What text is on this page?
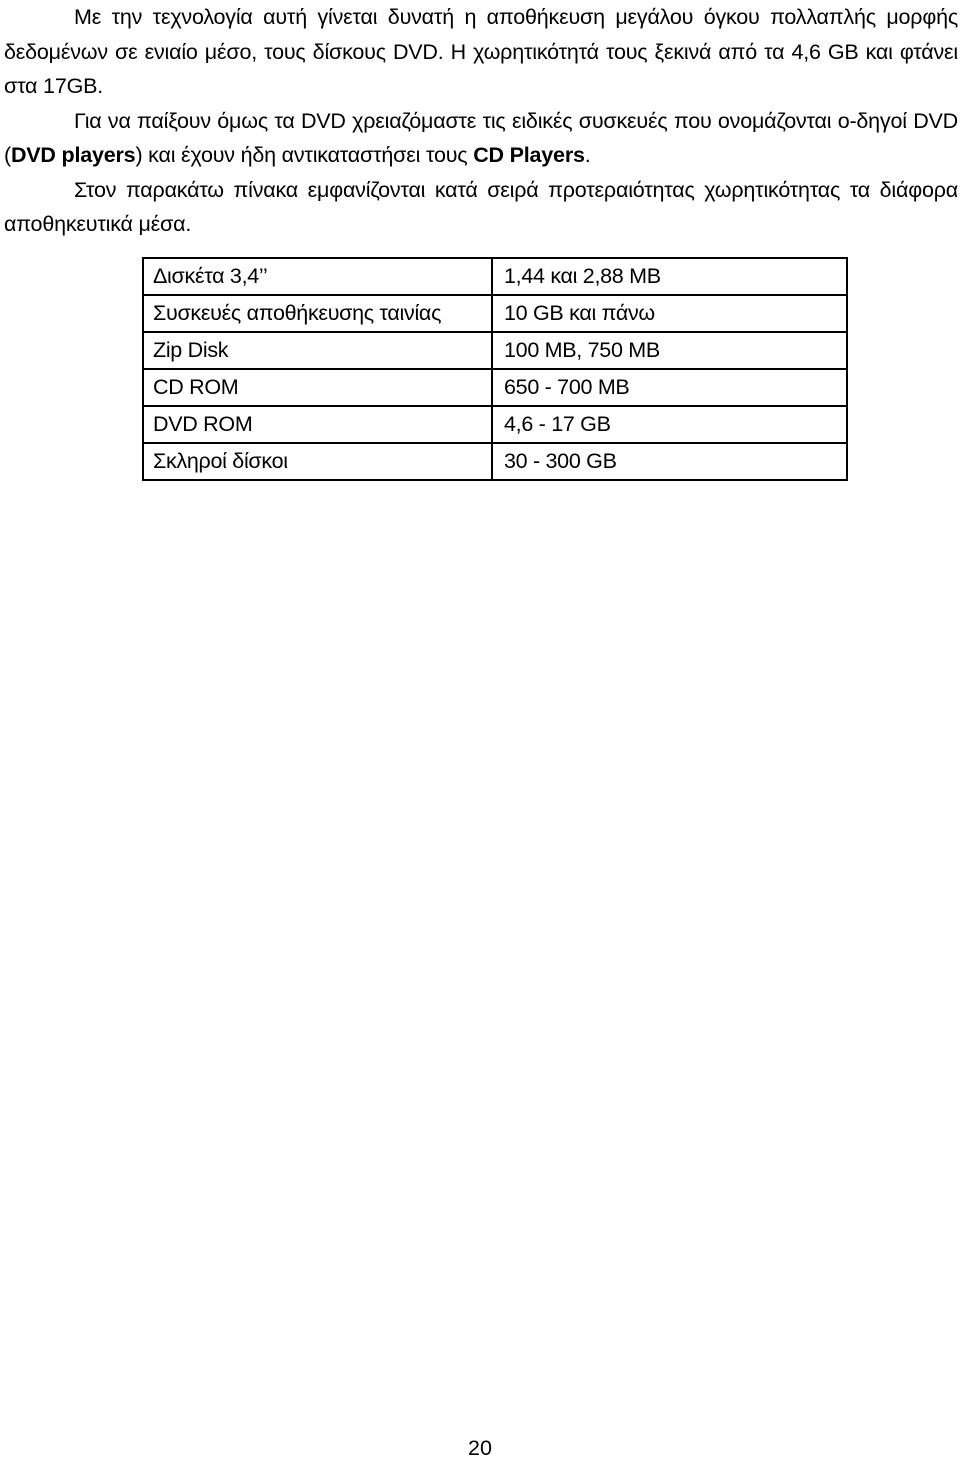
Με την τεχνολογία αυτή γίνεται δυνατή η αποθήκευση μεγάλου όγκου πολλαπλής μορφής δεδομένων σε ενιαίο μέσο, τους δίσκους DVD. Η χωρητικότητά τους ξεκινά από τα 4,6 GB και φτάνει στα 17GB.

Για να παίξουν όμως τα DVD χρειαζόμαστε τις ειδικές συσκευές που ονομάζονται ο-δηγοί DVD (DVD players) και έχουν ήδη αντικαταστήσει τους CD Players.

Στον παρακάτω πίνακα εμφανίζονται κατά σειρά προτεραιότητας χωρητικότητας τα διάφορα αποθηκευτικά μέσα.

Δισκέτα 3,4’’	1,44 και 2,88 MB
Συσκευές αποθήκευσης ταινίας	10 GB και πάνω
Zip Disk	100 MB, 750 MB
CD ROM	650 - 700 MB
DVD ROM	4,6 - 17 GB
Σκληροί δίσκοι	30 - 300 GB
20
